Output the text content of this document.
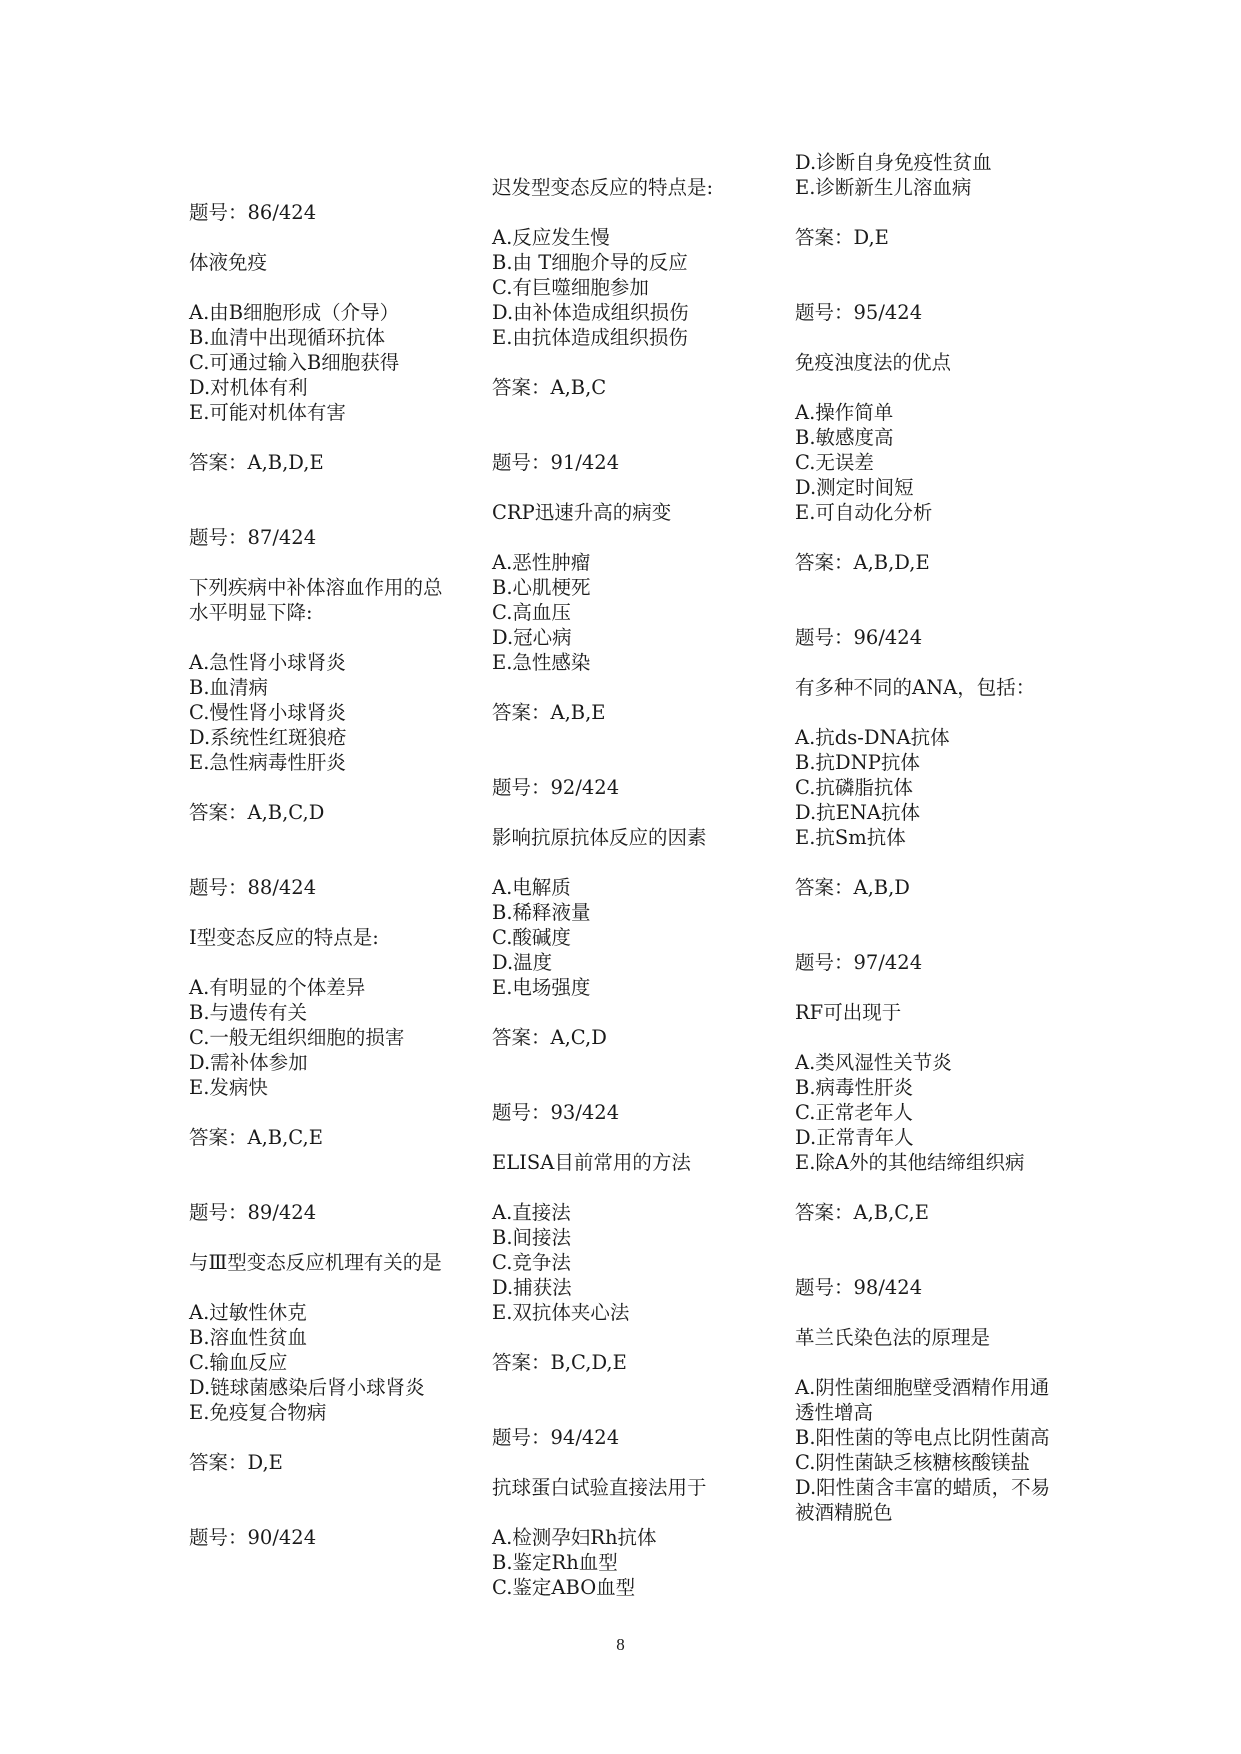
题号：86/424
体液免疫
A.由B细胞形成（介导）
B.血清中出现循环抗体
C.可通过输入B细胞获得
D.对机体有利
E.可能对机体有害
答案：A,B,D,E
题号：87/424
下列疾病中补体溶血作用的总水平明显下降:
A.急性肾小球肾炎
B.血清病
C.慢性肾小球肾炎
D.系统性红斑狼疮
E.急性病毒性肝炎
答案：A,B,C,D
题号：88/424
I型变态反应的特点是:
A.有明显的个体差异
B.与遗传有关
C.一般无组织细胞的损害
D.需补体参加
E.发病快
答案：A,B,C,E
题号：89/424
与Ⅲ型变态反应机理有关的是
A.过敏性休克
B.溶血性贫血
C.输血反应
D.链球菌感染后肾小球肾炎
E.免疫复合物病
答案：D,E
题号：90/424
迟发型变态反应的特点是:
A.反应发生慢
B.由 T细胞介导的反应
C.有巨噬细胞参加
D.由补体造成组织损伤
E.由抗体造成组织损伤
答案：A,B,C
题号：91/424
CRP迅速升高的病变
A.恶性肿瘤
B.心肌梗死
C.高血压
D.冠心病
E.急性感染
答案：A,B,E
题号：92/424
影响抗原抗体反应的因素
A.电解质
B.稀释液量
C.酸碱度
D.温度
E.电场强度
答案：A,C,D
题号：93/424
ELISA目前常用的方法
A.直接法
B.间接法
C.竞争法
D.捕获法
E.双抗体夹心法
答案：B,C,D,E
题号：94/424
抗球蛋白试验直接法用于
A.检测孕妇Rh抗体
B.鉴定Rh血型
C.鉴定ABO血型
D.诊断自身免疫性贫血
E.诊断新生儿溶血病
答案：D,E
题号：95/424
免疫浊度法的优点
A.操作简单
B.敏感度高
C.无误差
D.测定时间短
E.可自动化分析
答案：A,B,D,E
题号：96/424
有多种不同的ANA，包括：
A.抗ds-DNA抗体
B.抗DNP抗体
C.抗磷脂抗体
D.抗ENA抗体
E.抗Sm抗体
答案：A,B,D
题号：97/424
RF可出现于
A.类风湿性关节炎
B.病毒性肝炎
C.正常老年人
D.正常青年人
E.除A外的其他结缔组织病
答案：A,B,C,E
题号：98/424
革兰氏染色法的原理是
A.阴性菌细胞壁受酒精作用通透性增高
B.阳性菌的等电点比阴性菌高
C.阴性菌缺乏核糖核酸镁盐
D.阳性菌含丰富的蜡质，不易被酒精脱色
8
